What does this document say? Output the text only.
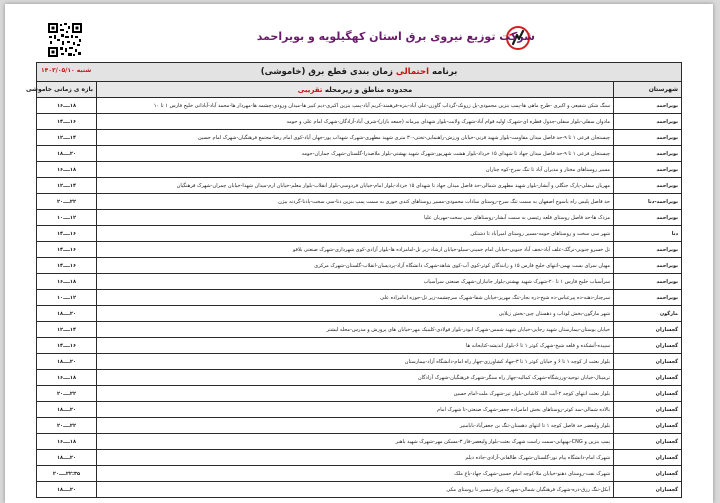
شرکت توزیع نیروی برق استان کهگیلویه و بویراحمد
برنامه احتمالی زمان بندی قطع برق (خاموشی)
شنبه ۱۴۰۳/۰۵/۱۰		

شهرستان	محدوده مناطق و زیرمحله تقریبی	بازه ی زمانی خاموشی
بویراحمد	سنگ شکن شفیعی و اکبری -طرح ماهی ها-پمپ بنزین محمودی-پل زرونک-گرداب گاوزن-علی آباد-بنزه-فرهمند-کریم آباد-پمپ بنزین اکبری-دیم کبیر ها-میدان ورودی-چشمه ها-مهردار ها-محمد آباد-آبادانی خلیج فارس ۱ تا ۱۰	۱۸ــــ۱۶
بویراحمد	مادوان سفلی-بلوار سفلی-جدول قطره ای-شهرک اولیه قوام آباد-شهرک ولایت-بلوار شهدای بیرمانه (جمعه بازار)-شرف آباد-آزادگان-شهرک امام علی و حومه	۱۶ــــ۱۴
بویراحمد	چیستجان فرعی ۱ تا ۹-حد فاصل میدان مقاومت-بلوار شهید قرنی-خیابان ورزش-راهنمایی-تختی-۳۰ متری شهید مطهری-شهرک شهداب پور-جهان آباد-کوی امام رضا-مجتمع فرهنگیان-شهرک امام حسین	۱۴ــــ۱۲
بویراحمد	چیستجان فرعی ۱ تا ۹-حد فاصل میدان جهاد تا شهدای ۱۵ خرداد-بلوار هشت شهریور-شهرک شهید بهشتی-بلوار ملاصدرا-گلستان-شهرک جماران-حومه	۲۰ــــ۱۸
بویراحمد	مسیر روستاهای مختار و مدیران آباد تا تنگ سرخ-کوه چناران	۱۸ــــ۱۶
بویراحمد	مهریان سفلی-پارک جنگلی و آبشار-بلوار شهید مطهری شمالی-حد فاصل میدان جهاد تا شهدای ۱۵ خرداد-بلوار امام-خیابان فردوسی-بلوار انقلاب-بلوار معلم-خیابان ارم-میدان شهدا-خیابان چمران-شهرک فرهنگیان	۱۴ــــ۱۲
بویراحمد-دنا	حد فاصل پلیس راه یاسوج اصفهان به سمت تنگ سرخ-روستای سادات محمودی-مسیر روستاهای کندی خوری به سمت پمپ بنزین دنا-سی سخت-پادنا-گردنه بیژن	۲۲ــــ۲۰
بویراحمد	مزدک ها-حد فاصل روستای قلعه رئیسی به سمت آبشار-روستاهای سی سخت-مهریان علیا	۱۲ــــ۱۰
دنا	شهر سی سخت و روستاهای حومه-مسیر روستای امیرآباد تا دشتکی	۱۶ــــ۱۴
بویراحمد	تل خسرو جنوبی-نرگک-علف آباد-نجف آباد جنوبی-خیابان امام خمینی-سیلو-خیابان ارشاد-زیر تل-امامزاده ها-بلوار آزادی-کوی شهرداری-شهرک صنعتی بلاقو	۱۶ــــ۱۴
بویراحمد	مهیان سرای بست بهمن-انتهای خلیج فارس ۱۵ و رانندگان کوثر-کوی آب-کوی شاهد-شهرک دانشگاه آزاد-پردیسان-انقلاب-گلستان-شهرک مرکزی	۱۶ــــ۱۴
بویراحمد	سرآسیاب خلیج فارس ۱ تا ۲۰-شهرک شهید بهشتی-بلوار جانبازان-شهرک صنعتی سرآسیاب	۱۸ــــ۱۶
بویراحمد	سرچنار-دهنه-ده پیرعباس-ده شیخ-دره نجار-تنگ مهریز-خیابان شفا-شهرک سرچشمه-زیر تل-حوزه امامزاده علی	۱۲ــــ۱۰
مارگون	شهر مارگون-بخش لوداب و دهستان چین-بخش زیلایی	۲۰ــــ۱۸
گچساران	خیابان بوستان-بیمارستان شهید رجایی-خیابان شهید شمس-شهرک ابوذر-بلوار فولادی-کلینیک مهر-خیابان های پرورش و مدرس-محله لیشتر	۱۴ــــ۱۲
گچساران	سپیده-آتشکده و قلعه شیخ-شهرک کوثر ۱ تا ۶-بلوار اندیشه-کتابخانه ها	۱۶ــــ۱۴
گچساران	بلوار بعثت از کوچه ۱ تا ۶ و خیابان کوثر ۱ تا ۳-جهاد کشاورزی-چهار راه امام-دانشگاه آزاد-بیمارستان	۲۰ــــ۱۸
گچساران	ترمینال-خیابان توحید-ورزشگاه-شهرک کمالیه-چهار راه سنگر-شهرک فرهنگیان-شهرک آزادگان	۱۸ــــ۱۶
گچساران	بلوار بعثت انتهای کوچه ۲-آیت الله کاشانی-بلوار تیر-شهرک ملت-امام حسین	۲۲ــــ۲۰
گچساران	بالاده شمالی-سد کوثر-روستاهای بخش امامزاده جعفر-شهرک صنعتی-تا شهرک امام	۲۰ــــ۱۸
گچساران	بلوار ولیعصر حد فاصل کوچه ۱ تا انتهای دهستان-تنگ بن جعفرآباد-بابامنیر	۲۲ــــ۲۰
گچساران	پمپ بنزین و CNG-بهبهانی-سمت راست شهرک بعثت-بلوار ولیعصر-فاز ۳-مسکن مهر-شهرک شهید باهنر	۱۸ــــ۱۶
گچساران	شهرک امام-دانشگاه پیام نور-گلستان-شهرک طالقانی-آزادی-جاده دیلم	۲۰ــــ۱۸
گچساران	شهرک نفت-روستای دهنو-خیابان ملا-کوچه امام حسین-شهرک جهاد-باغ ملک	۲۲:۳۵ــــ۲۰
گچساران	آبکل-تنگ رزق-دره-شهرک فرهنگیان شمالی-شهرک پرواز-مسیر تا روستای مکی	۲۰ــــ۱۸
